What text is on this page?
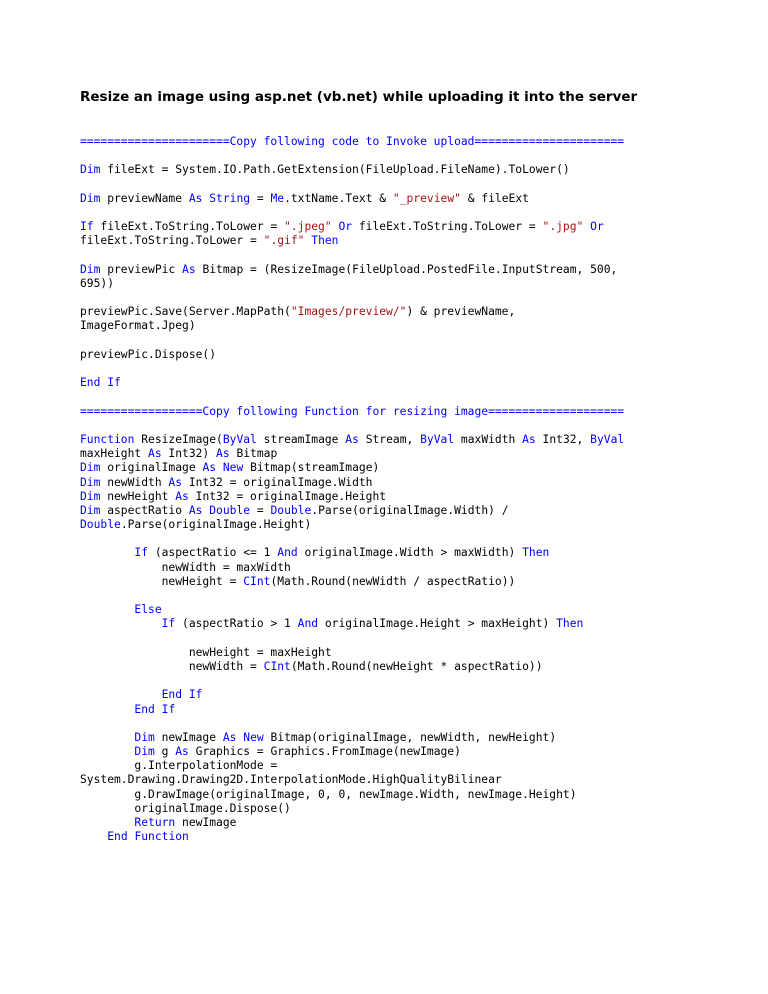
Resize an image using asp.net (vb.net) while uploading it into the server
======================Copy following code to Invoke upload======================
Dim fileExt = System.IO.Path.GetExtension(FileUpload.FileName).ToLower()
Dim previewName As String = Me.txtName.Text & "_preview" & fileExt
If fileExt.ToString.ToLower = ".jpeg" Or fileExt.ToString.ToLower = ".jpg" Or
fileExt.ToString.ToLower = ".gif" Then
Dim previewPic As Bitmap = (ResizeImage(FileUpload.PostedFile.InputStream, 500,
695))
previewPic.Save(Server.MapPath("Images/preview/") & previewName,
ImageFormat.Jpeg)
previewPic.Dispose()
End If
==================Copy following Function for resizing image====================
Function ResizeImage(ByVal streamImage As Stream, ByVal maxWidth As Int32, ByVal
maxHeight As Int32) As Bitmap
Dim originalImage As New Bitmap(streamImage)
Dim newWidth As Int32 = originalImage.Width
Dim newHeight As Int32 = originalImage.Height
Dim aspectRatio As Double = Double.Parse(originalImage.Width) /
Double.Parse(originalImage.Height)
If (aspectRatio <= 1 And originalImage.Width > maxWidth) Then
newWidth = maxWidth
newHeight = CInt(Math.Round(newWidth / aspectRatio))
Else
If (aspectRatio > 1 And originalImage.Height > maxHeight) Then
newHeight = maxHeight
newWidth = CInt(Math.Round(newHeight * aspectRatio))
End If
End If
Dim newImage As New Bitmap(originalImage, newWidth, newHeight)
Dim g As Graphics = Graphics.FromImage(newImage)
g.InterpolationMode =
System.Drawing.Drawing2D.InterpolationMode.HighQualityBilinear
g.DrawImage(originalImage, 0, 0, newImage.Width, newImage.Height)
originalImage.Dispose()
Return newImage
End Function
